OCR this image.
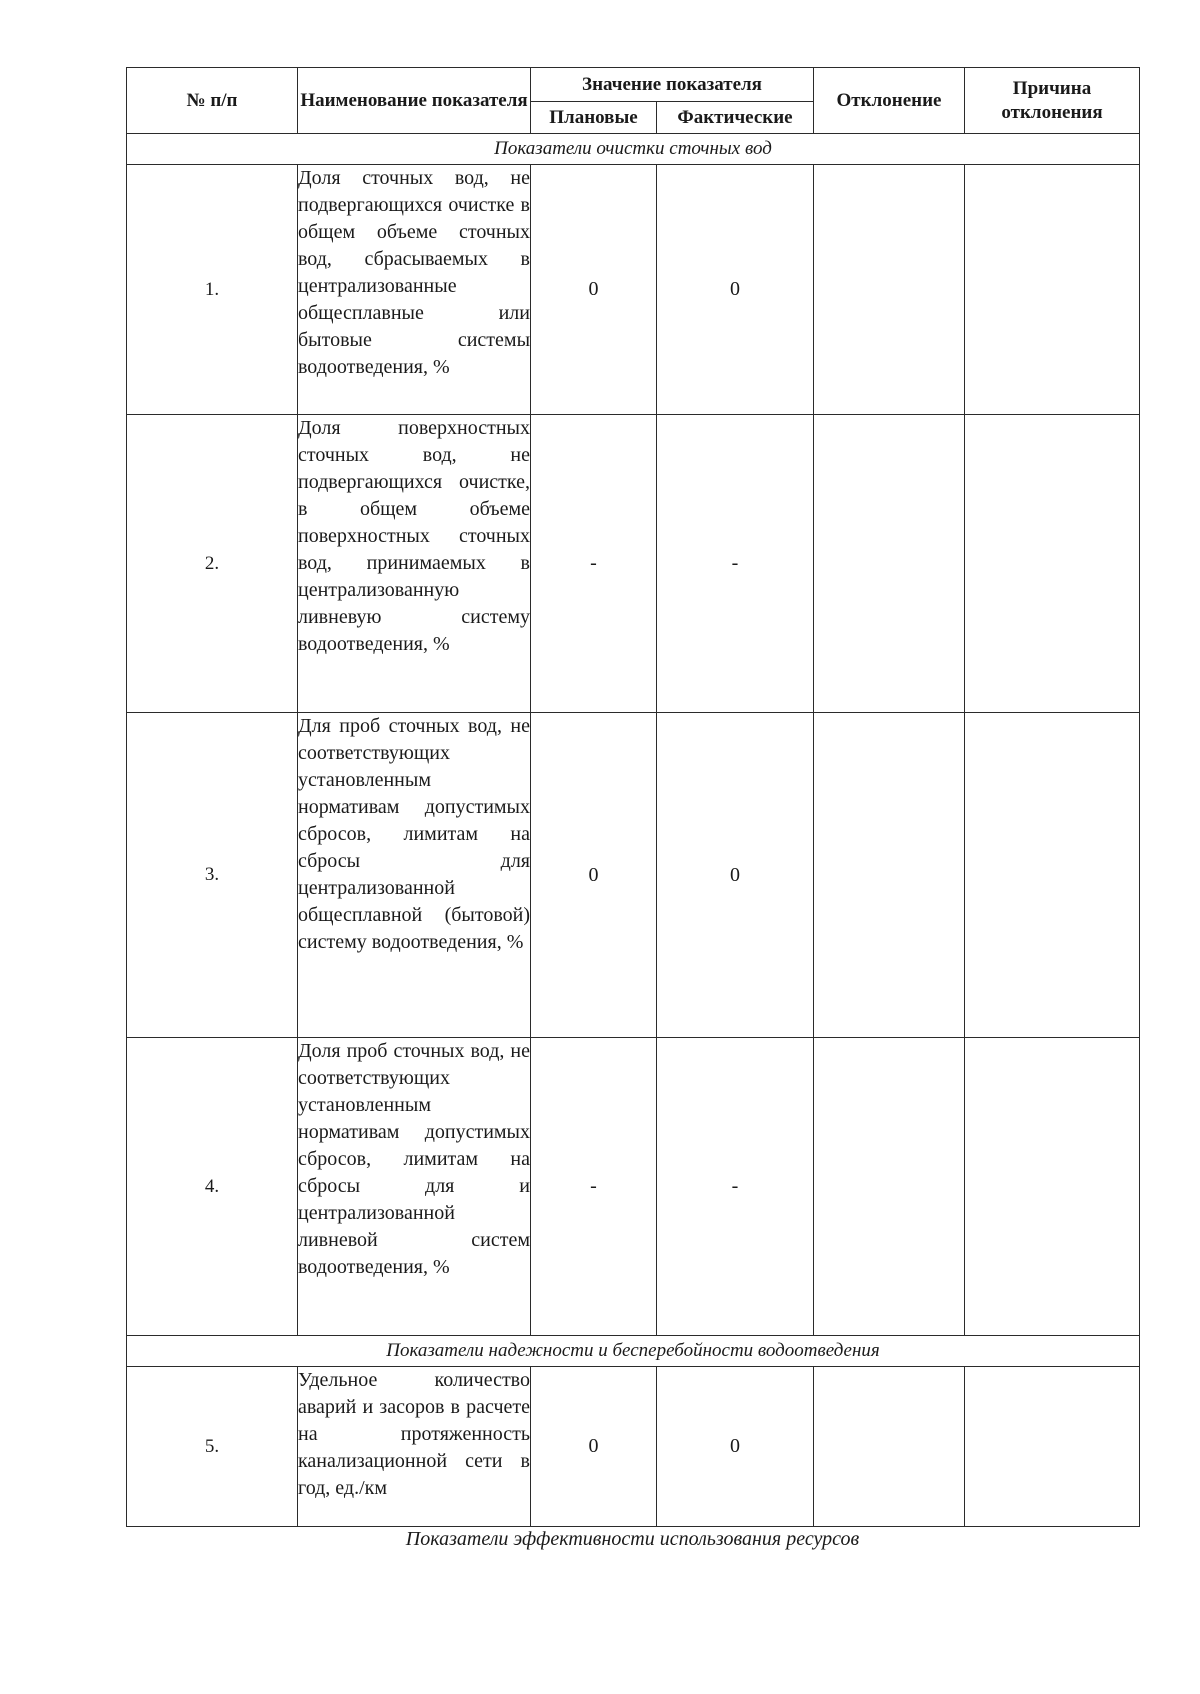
№ п/п	Наименование показателя	Значение показателя		Отклонение	Причина отклонения
		Плановые	Фактические		
Показатели очистки сточных вод					
1.	Доля сточных вод, не подвергающихся очистке в общем объеме сточных вод, сбрасываемых в централизованные общесплавные или бытовые системы водоотведения, %	0	0		
2.	Доля поверхностных сточных вод, не подвергающихся очистке, в общем объеме поверхностных сточных вод, принимаемых в централизованную ливневую систему водоотведения, %	-	-		
3.	Для проб сточных вод, не соответствующих установленным нормативам допустимых сбросов, лимитам на сбросы для централизованной общесплавной (бытовой) систему водоотведения, %	0	0		
4.	Доля проб сточных вод, не соответствующих установленным нормативам допустимых сбросов, лимитам на сбросы для и централизованной ливневой систем водоотведения, %	-	-		
Показатели надежности и бесперебойности водоотведения					
5.	Удельное количество аварий и засоров в расчете на протяженность канализационной сети в год, ед./км	0	0		
Показатели эффективности использования ресурсов
